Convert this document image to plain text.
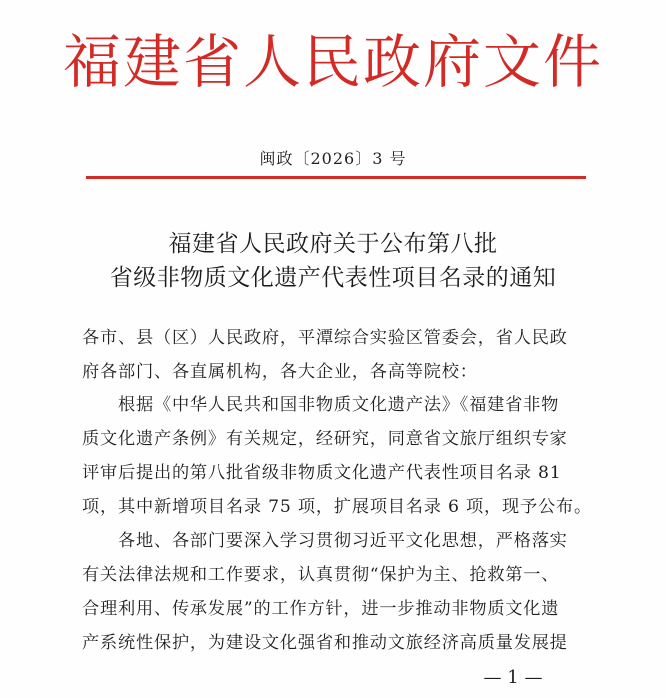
福建省人民政府文件
闽政〔2026〕3 号
福建省人民政府关于公布第八批
省级非物质文化遗产代表性项目名录的通知
各市、县（区）人民政府，平潭综合实验区管委会，省人民政
府各部门、各直属机构，各大企业，各高等院校：
　　根据《中华人民共和国非物质文化遗产法》《福建省非物
质文化遗产条例》有关规定，经研究，同意省文旅厅组织专家
评审后提出的第八批省级非物质文化遗产代表性项目名录 81
项，其中新增项目名录 75 项，扩展项目名录 6 项，现予公布。
　　各地、各部门要深入学习贯彻习近平文化思想，严格落实
有关法律法规和工作要求，认真贯彻“保护为主、抢救第一、
合理利用、传承发展”的工作方针，进一步推动非物质文化遗
产系统性保护，为建设文化强省和推动文旅经济高质量发展提
— 1 —
